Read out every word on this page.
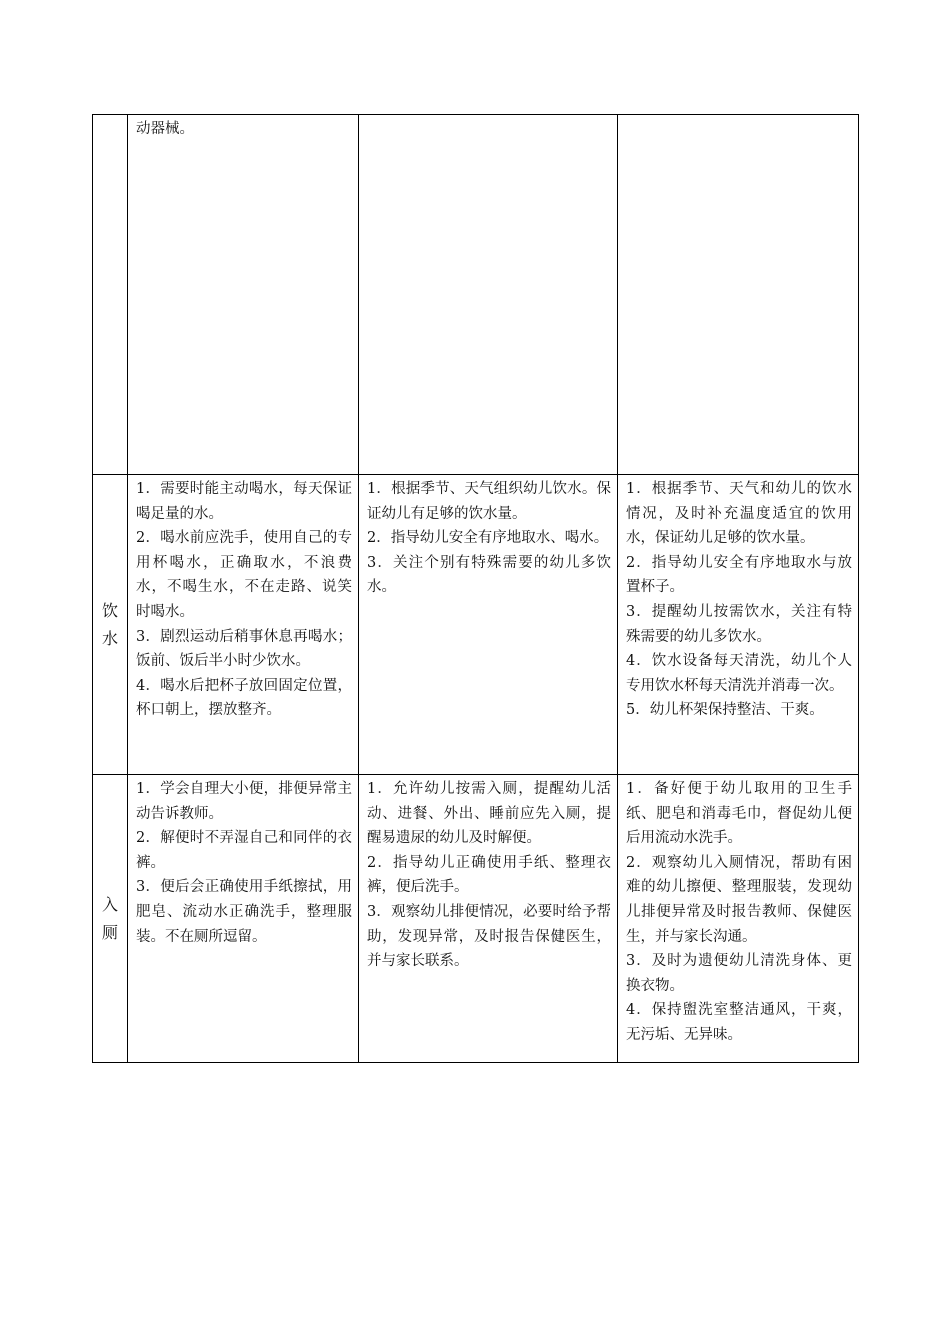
	动器械。		

饮
水	1．需要时能主动喝水，每天保证喝足量的水。
2．喝水前应洗手，使用自己的专用杯喝水，正确取水，不浪费水，不喝生水，不在走路、说笑时喝水。
3．剧烈运动后稍事休息再喝水；饭前、饭后半小时少饮水。
4．喝水后把杯子放回固定位置，杯口朝上，摆放整齐。	1．根据季节、天气组织幼儿饮水。保证幼儿有足够的饮水量。
2．指导幼儿安全有序地取水、喝水。
3．关注个别有特殊需要的幼儿多饮水。	1．根据季节、天气和幼儿的饮水情况，及时补充温度适宜的饮用水，保证幼儿足够的饮水量。
2．指导幼儿安全有序地取水与放置杯子。
3．提醒幼儿按需饮水，关注有特殊需要的幼儿多饮水。
4．饮水设备每天清洗，幼儿个人专用饮水杯每天清洗并消毒一次。
5．幼儿杯架保持整洁、干爽。

入
厕	1．学会自理大小便，排便异常主动告诉教师。
2．解便时不弄湿自己和同伴的衣裤。
3．便后会正确使用手纸擦拭，用肥皂、流动水正确洗手，整理服装。不在厕所逗留。	1．允许幼儿按需入厕，提醒幼儿活动、进餐、外出、睡前应先入厕，提醒易遗尿的幼儿及时解便。
2．指导幼儿正确使用手纸、整理衣裤，便后洗手。
3．观察幼儿排便情况，必要时给予帮助，发现异常，及时报告保健医生，并与家长联系。	1．备好便于幼儿取用的卫生手纸、肥皂和消毒毛巾，督促幼儿便后用流动水洗手。
2．观察幼儿入厕情况，帮助有困难的幼儿擦便、整理服装，发现幼儿排便异常及时报告教师、保健医生，并与家长沟通。
3．及时为遗便幼儿清洗身体、更换衣物。
4．保持盥洗室整洁通风，干爽，无污垢、无异味。
